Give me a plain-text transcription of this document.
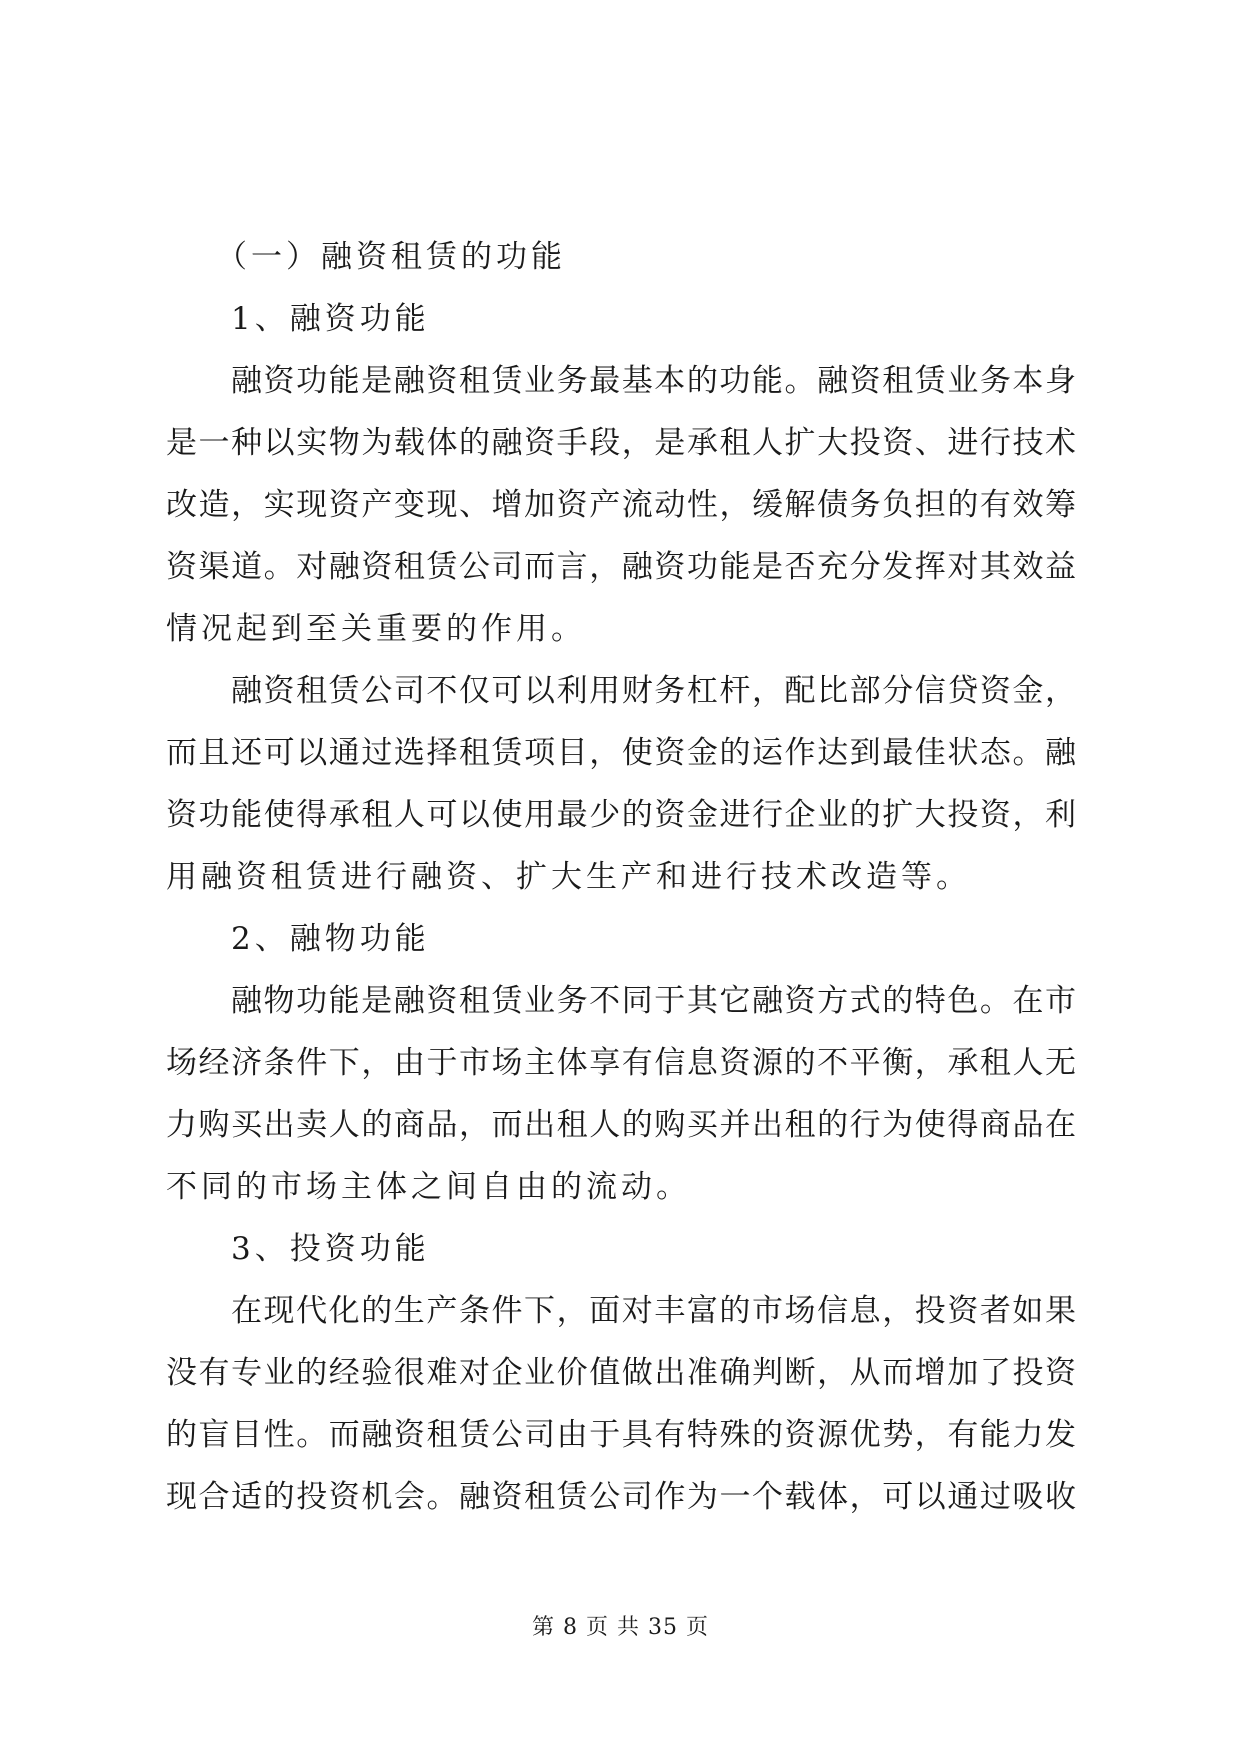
（一）融资租赁的功能
1、融资功能
融资功能是融资租赁业务最基本的功能。融资租赁业务本身
是一种以实物为载体的融资手段，是承租人扩大投资、进行技术
改造，实现资产变现、增加资产流动性，缓解债务负担的有效筹
资渠道。对融资租赁公司而言，融资功能是否充分发挥对其效益
情况起到至关重要的作用。
融资租赁公司不仅可以利用财务杠杆，配比部分信贷资金，
而且还可以通过选择租赁项目，使资金的运作达到最佳状态。融
资功能使得承租人可以使用最少的资金进行企业的扩大投资，利
用融资租赁进行融资、扩大生产和进行技术改造等。
2、融物功能
融物功能是融资租赁业务不同于其它融资方式的特色。在市
场经济条件下，由于市场主体享有信息资源的不平衡，承租人无
力购买出卖人的商品，而出租人的购买并出租的行为使得商品在
不同的市场主体之间自由的流动。
3、投资功能
在现代化的生产条件下，面对丰富的市场信息，投资者如果
没有专业的经验很难对企业价值做出准确判断，从而增加了投资
的盲目性。而融资租赁公司由于具有特殊的资源优势，有能力发
现合适的投资机会。融资租赁公司作为一个载体，可以通过吸收
第 8 页 共 35 页
